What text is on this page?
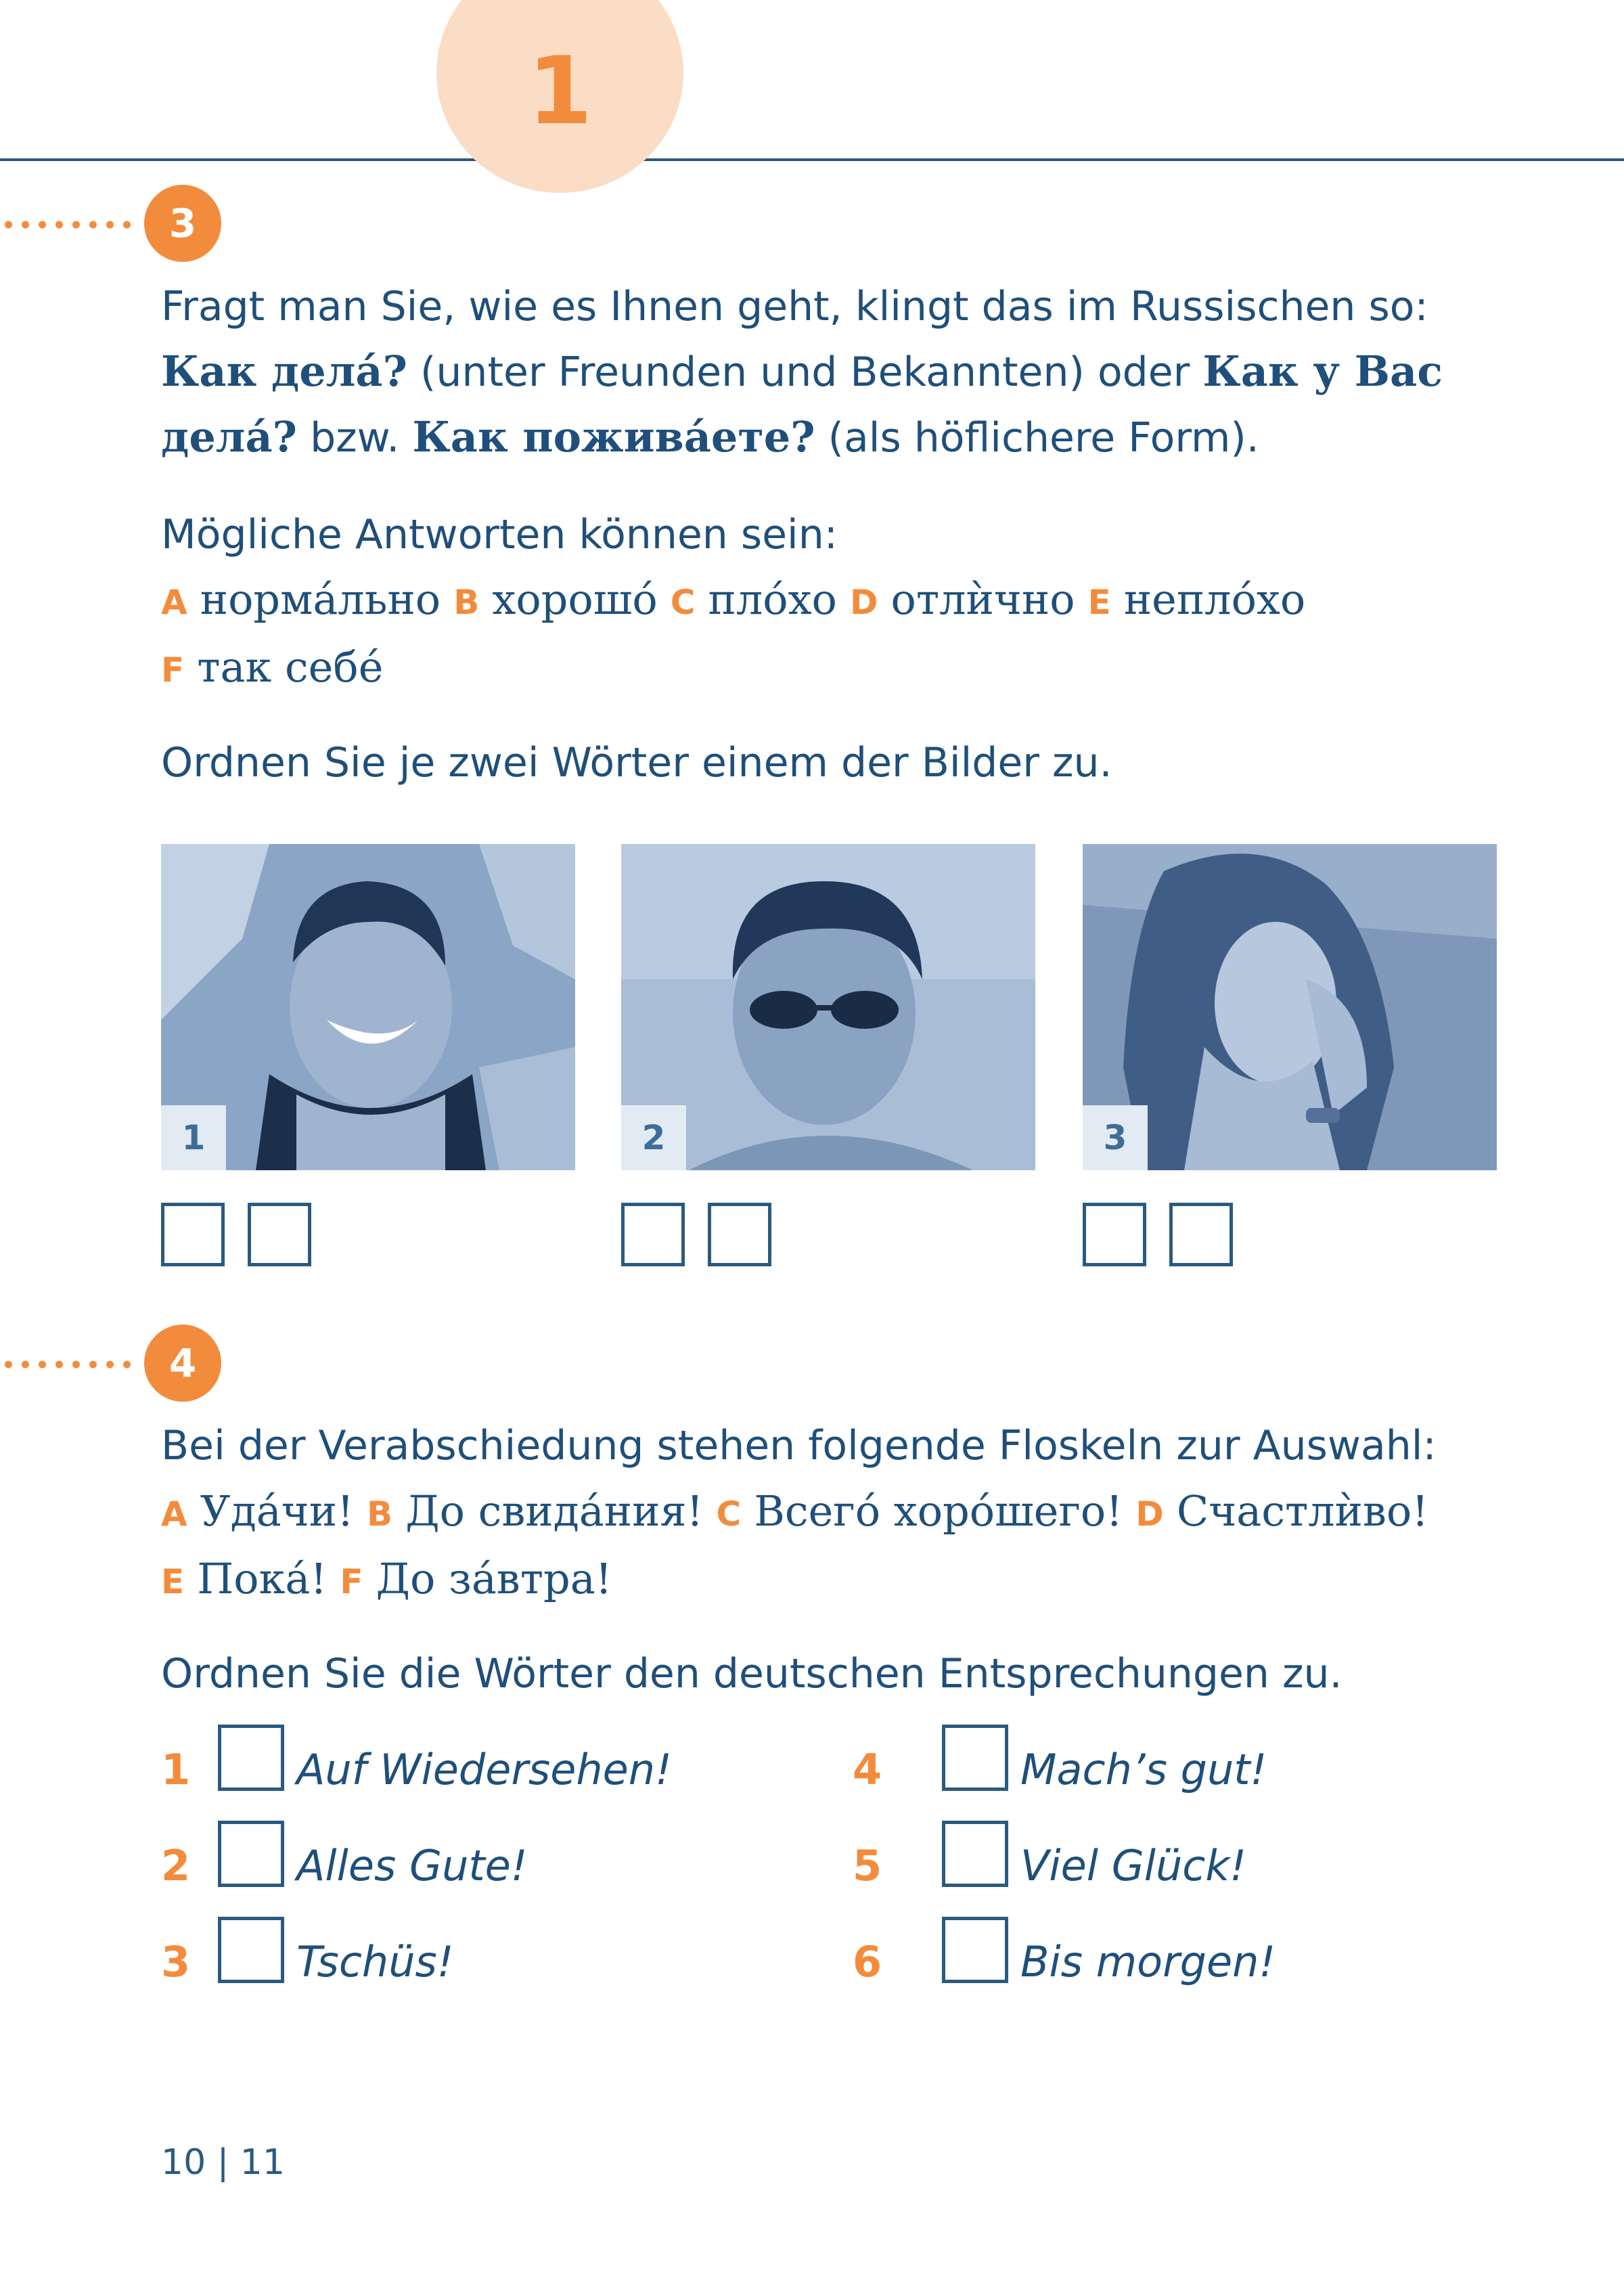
1
3

Fragt man Sie, wie es Ihnen geht, klingt das im Russischen so:
Как делá? (unter Freunden und Bekannten) oder Как у Вас
делá? bzw. Как поживáете? (als höflichere Form).

Mögliche Antworten können sein:

A нормáльно B хорошó C плóхо D отлѝчно E неплóхо
F так себé

Ordnen Sie je zwei Wörter einem der Bilder zu.

1	2	3
4

Bei der Verabschiedung stehen folgende Floskeln zur Auswahl:

A Удáчи! B До свидáния! C Всегó хорóшего! D Счастлѝво!
E Покá! F До зáвтра!

Ordnen Sie die Wörter den deutschen Entsprechungen zu.

1	Auf Wiedersehen!
2	Alles Gute!
3	Tschüs!
4	Mach’s gut!
5	Viel Glück!
6	Bis morgen!
10 | 11
